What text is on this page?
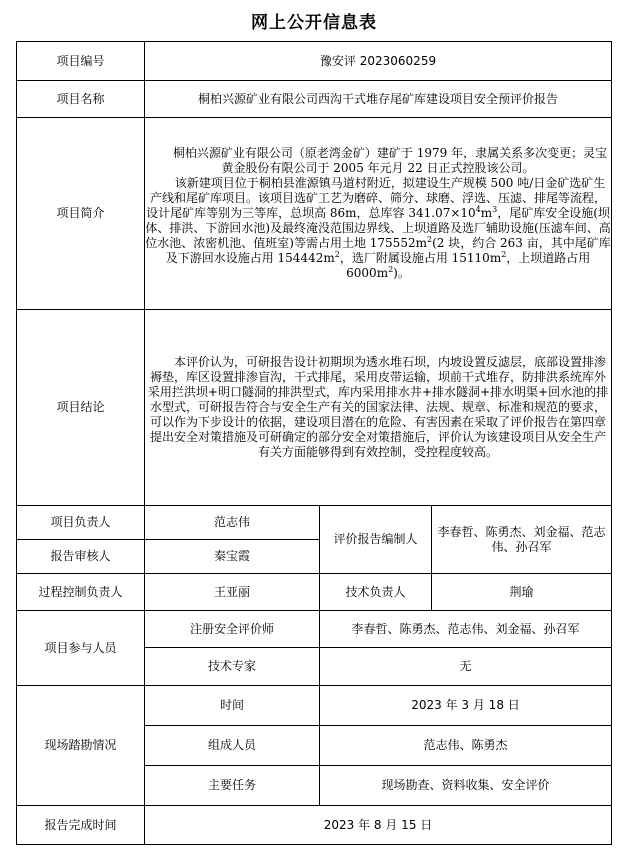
网上公开信息表
项目编号	豫安评 2023060259		
项目名称	桐柏兴源矿业有限公司西沟干式堆存尾矿库建设项目安全预评价报告		
项目简介	桐柏兴源矿业有限公司（原老湾金矿）建矿于 1979 年，隶属关系多次变更；灵宝黄金股份有限公司于 2005 年元月 22 日正式控股该公司。

该新建项目位于桐柏县淮源镇马道村附近，拟建设生产规模 500 吨/日金矿选矿生产线和尾矿库项目。该项目选矿工艺为磨碎、筛分、球磨、浮选、压滤、排尾等流程，设计尾矿库等别为三等库，总坝高 86m，总库容 $341.07\times 10^4m^3$，尾矿库安全设施(坝体、排洪、下游回水池)及最终淹没范围边界线、上坝道路及选厂辅助设施(压滤车间、高位水池、浓密机池、值班室)等需占用土地 $175552m^2(2$ 块，约合 263 亩，其中尾矿库及下游回水设施占用 $154442m^2$，选厂附属设施占用 $15110m^2$，上坝道路占用 $6000m^2$)。		

项目结论	本评价认为，可研报告设计初期坝为透水堆石坝，内坡设置反滤层，底部设置排渗褥垫，库区设置排渗盲沟，干式排尾，采用皮带运输，坝前干式堆存，防排洪系统库外采用拦洪坝+明口隧洞的排洪型式，库内采用排水井+排水隧洞+排水明渠+回水池的排水型式，可研报告符合与安全生产有关的国家法律、法规、规章、标准和规范的要求，可以作为下步设计的依据，建设项目潜在的危险、有害因素在采取了评价报告在第四章提出安全对策措施及可研确定的部分安全对策措施后，评价认为该建设项目从安全生产有关方面能够得到有效控制，受控程度较高。		

项目负责人	范志伟	评价报告编制人	李春哲、陈勇杰、刘金福、范志伟、孙召军
报告审核人	秦宝霞		
过程控制负责人	王亚丽	技术负责人	荆瑜
项目参与人员	注册安全评价师	李春哲、陈勇杰、范志伟、刘金福、孙召军	
	技术专家	无	
现场踏勘情况	时间	2023 年 3 月 18 日	
	组成人员	范志伟、陈勇杰	
	主要任务	现场勘查、资料收集、安全评价	
报告完成时间	2023 年 8 月 15 日		
